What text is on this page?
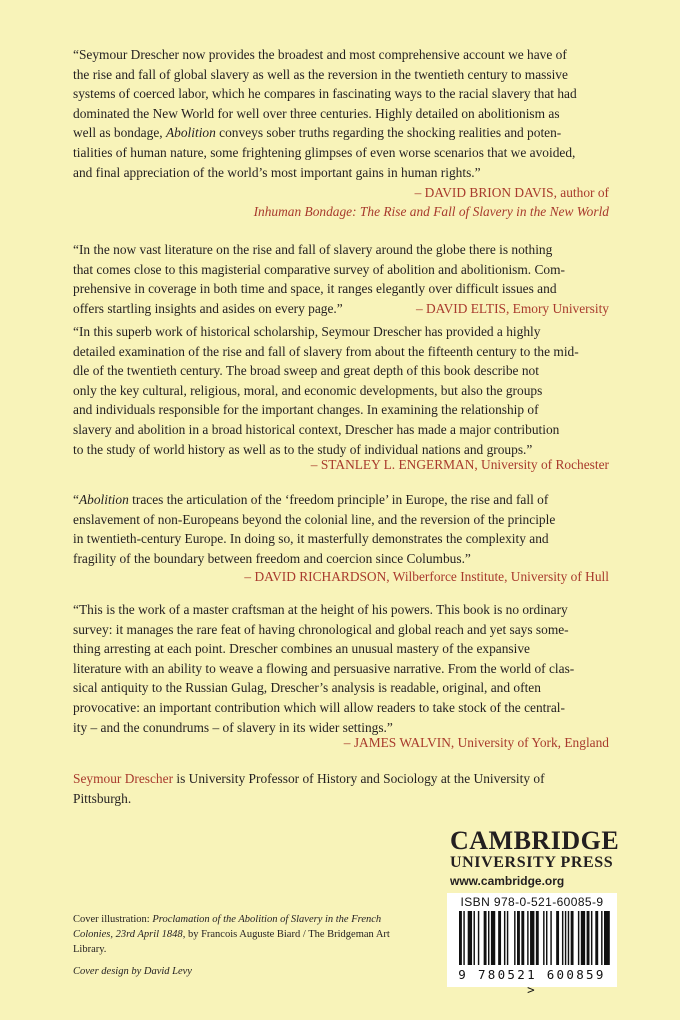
“Seymour Drescher now provides the broadest and most comprehensive account we have of
the rise and fall of global slavery as well as the reversion in the twentieth century to massive
systems of coerced labor, which he compares in fascinating ways to the racial slavery that had
dominated the New World for well over three centuries. Highly detailed on abolitionism as
well as bondage, Abolition conveys sober truths regarding the shocking realities and poten-
tialities of human nature, some frightening glimpses of even worse scenarios that we avoided,
and final appreciation of the world’s most important gains in human rights.”
– DAVID BRION DAVIS, author of
Inhuman Bondage: The Rise and Fall of Slavery in the New World
“In the now vast literature on the rise and fall of slavery around the globe there is nothing
that comes close to this magisterial comparative survey of abolition and abolitionism. Com-
prehensive in coverage in both time and space, it ranges elegantly over difficult issues and
offers startling insights and asides on every page.”	– DAVID ELTIS, Emory University
“In this superb work of historical scholarship, Seymour Drescher has provided a highly
detailed examination of the rise and fall of slavery from about the fifteenth century to the mid-
dle of the twentieth century. The broad sweep and great depth of this book describe not
only the key cultural, religious, moral, and economic developments, but also the groups
and individuals responsible for the important changes. In examining the relationship of
slavery and abolition in a broad historical context, Drescher has made a major contribution
to the study of world history as well as to the study of individual nations and groups.”
– STANLEY L. ENGERMAN, University of Rochester
“Abolition traces the articulation of the ‘freedom principle’ in Europe, the rise and fall of
enslavement of non-Europeans beyond the colonial line, and the reversion of the principle
in twentieth-century Europe. In doing so, it masterfully demonstrates the complexity and
fragility of the boundary between freedom and coercion since Columbus.”
– DAVID RICHARDSON, Wilberforce Institute, University of Hull
“This is the work of a master craftsman at the height of his powers. This book is no ordinary
survey: it manages the rare feat of having chronological and global reach and yet says some-
thing arresting at each point. Drescher combines an unusual mastery of the expansive
literature with an ability to weave a flowing and persuasive narrative. From the world of clas-
sical antiquity to the Russian Gulag, Drescher’s analysis is readable, original, and often
provocative: an important contribution which will allow readers to take stock of the central-
ity – and the conundrums – of slavery in its wider settings.”
– JAMES WALVIN, University of York, England
Seymour Drescher is University Professor of History and Sociology at the University of
Pittsburgh.
Cover illustration: Proclamation of the Abolition of Slavery in the French
Colonies, 23rd April 1848, by Francois Auguste Biard / The Bridgeman Art
Library.
Cover design by David Levy
CAMBRIDGE
UNIVERSITY PRESS
www.cambridge.org
ISBN 978-0-521-60085-9
9 780521 600859 >
